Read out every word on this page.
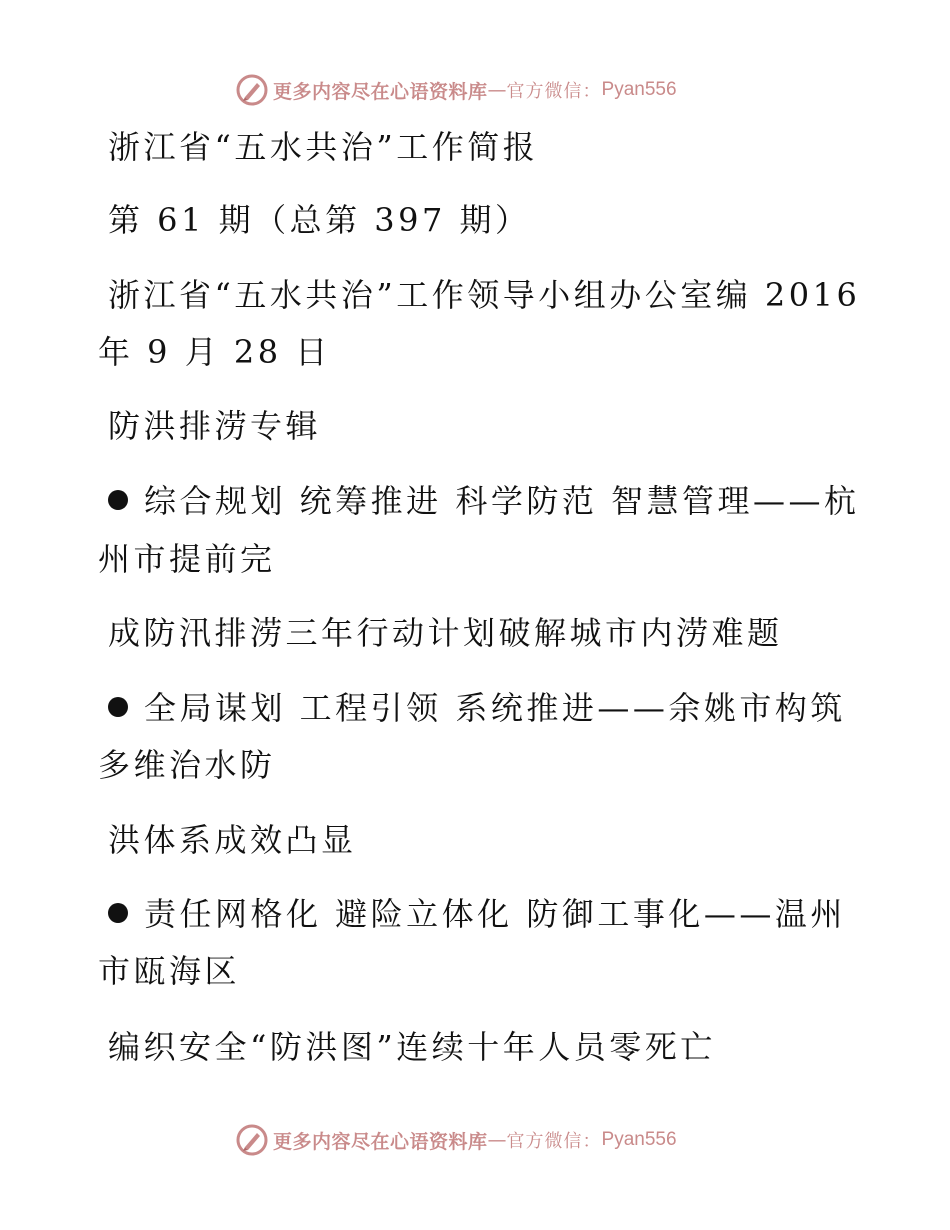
更多内容尽在心语资料库 — 官方微信： Pyan556
浙江省“五水共治”工作简报
第 61 期（总第 397 期）
浙江省“五水共治”工作领导小组办公室编 2016
年 9 月 28 日
防洪排涝专辑
综合规划 统筹推进 科学防范 智慧管理——杭
州市提前完
成防汛排涝三年行动计划破解城市内涝难题
全局谋划 工程引领 系统推进——余姚市构筑
多维治水防
洪体系成效凸显
责任网格化 避险立体化 防御工事化——温州
市瓯海区
编织安全“防洪图”连续十年人员零死亡
更多内容尽在心语资料库 — 官方微信： Pyan556
